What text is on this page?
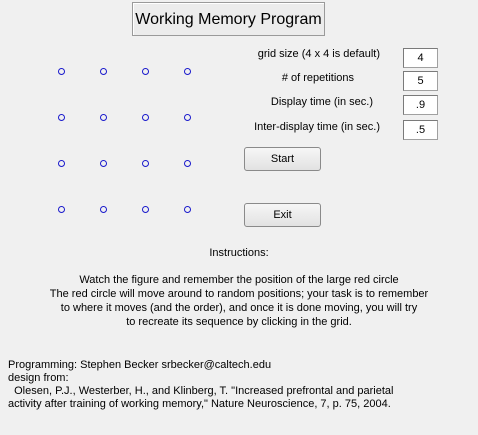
Working Memory Program
grid size (4 x 4 is default)
# of repetitions
Display time (in sec.)
Inter-display time (in sec.)
4
5
.9
.5
Start
Exit
Instructions:
Watch the figure and remember the position of the large red circle
The red circle will move around to random positions; your task is to remember
to where it moves (and the order), and once it is done moving, you will try
to recreate its sequence by clicking in the grid.
Programming: Stephen Becker srbecker@caltech.edu
design from:
Olesen, P.J., Westerber, H., and Klinberg, T. "Increased prefrontal and parietal
activity after training of working memory," Nature Neuroscience, 7, p. 75, 2004.
